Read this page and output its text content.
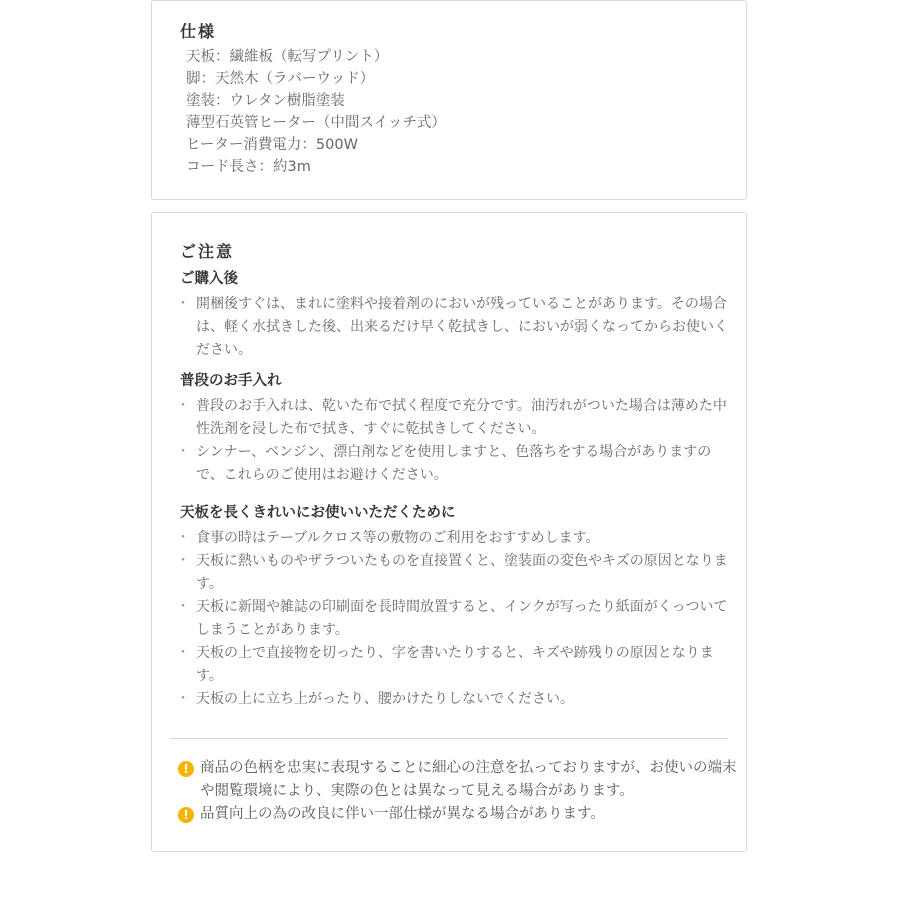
仕様
天板：繊維板（転写プリント）
脚：天然木（ラバーウッド）
塗装：ウレタン樹脂塗装
薄型石英管ヒーター（中間スイッチ式）
ヒーター消費電力：500W
コード長さ：約3m
ご注意
ご購入後
・ 開梱後すぐは、まれに塗料や接着剤のにおいが残っていることがあります。その場合は、軽く水拭きした後、出来るだけ早く乾拭きし、においが弱くなってからお使いください。
普段のお手入れ
・ 普段のお手入れは、乾いた布で拭く程度で充分です。油汚れがついた場合は薄めた中性洗剤を浸した布で拭き、すぐに乾拭きしてください。
・ シンナー、ベンジン、漂白剤などを使用しますと、色落ちをする場合がありますので、これらのご使用はお避けください。
天板を長くきれいにお使いいただくために
・ 食事の時はテーブルクロス等の敷物のご利用をおすすめします。
・ 天板に熱いものやザラついたものを直接置くと、塗装面の変色やキズの原因となります。
・ 天板に新聞や雑誌の印刷面を長時間放置すると、インクが写ったり紙面がくっついてしまうことがあります。
・ 天板の上で直接物を切ったり、字を書いたりすると、キズや跡残りの原因となります。
・ 天板の上に立ち上がったり、腰かけたりしないでください。
! 商品の色柄を忠実に表現することに細心の注意を払っておりますが、お使いの端末や閲覧環境により、実際の色とは異なって見える場合があります。
! 品質向上の為の改良に伴い一部仕様が異なる場合があります。
